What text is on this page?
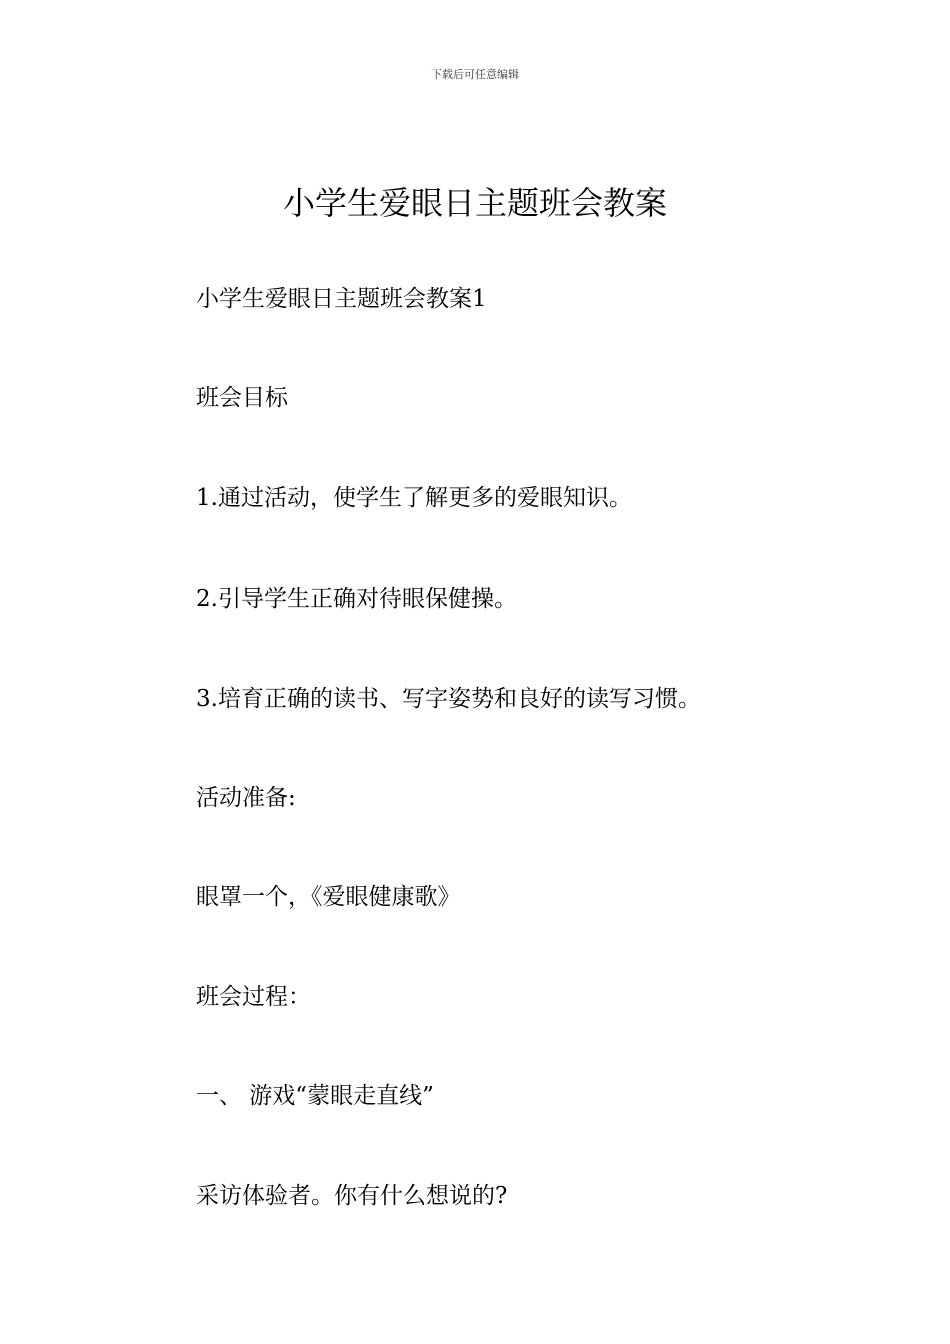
下载后可任意编辑
小学生爱眼日主题班会教案

小学生爱眼日主题班会教案1

班会目标

1.通过活动，使学生了解更多的爱眼知识。

2.引导学生正确对待眼保健操。

3.培育正确的读书、写字姿势和良好的读写习惯。

活动准备:

眼罩一个，《爱眼健康歌》

班会过程：

一、 游戏“蒙眼走直线”

采访体验者。你有什么想说的?
